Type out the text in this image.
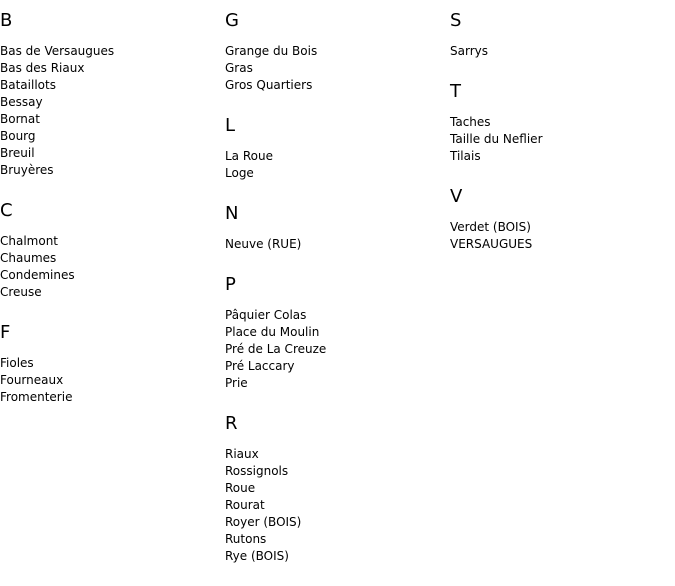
B
Bas de Versaugues
Bas des Riaux
Bataillots
Bessay
Bornat
Bourg
Breuil
Bruyères
C
Chalmont
Chaumes
Condemines
Creuse
F
Fioles
Fourneaux
Fromenterie
G
Grange du Bois
Gras
Gros Quartiers
L
La Roue
Loge
N
Neuve (RUE)
P
Pâquier Colas
Place du Moulin
Pré de La Creuze
Pré Laccary
Prie
R
Riaux
Rossignols
Roue
Rourat
Royer (BOIS)
Rutons
Rye (BOIS)
S
Sarrys
T
Taches
Taille du Neflier
Tilais
V
Verdet (BOIS)
VERSAUGUES
